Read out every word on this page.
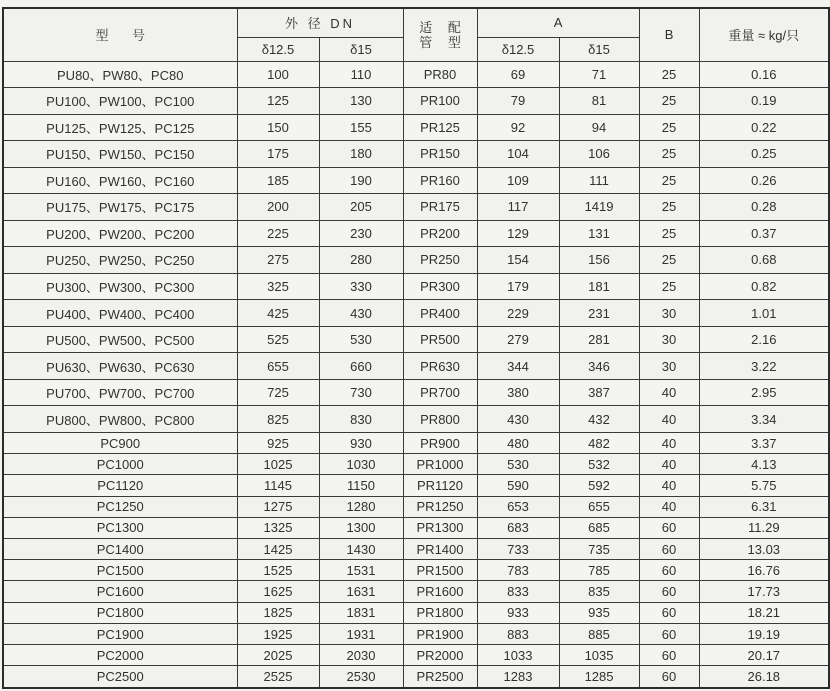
型 号	外 径 DN		适 配
管 型	A		B	重量 ≈ kg/只
	δ12.5	δ15		δ12.5	δ15		
PU80、PW80、PC80	100	110	PR80	69	71	25	0.16
PU100、PW100、PC100	125	130	PR100	79	81	25	0.19
PU125、PW125、PC125	150	155	PR125	92	94	25	0.22
PU150、PW150、PC150	175	180	PR150	104	106	25	0.25
PU160、PW160、PC160	185	190	PR160	109	111	25	0.26
PU175、PW175、PC175	200	205	PR175	117	1419	25	0.28
PU200、PW200、PC200	225	230	PR200	129	131	25	0.37
PU250、PW250、PC250	275	280	PR250	154	156	25	0.68
PU300、PW300、PC300	325	330	PR300	179	181	25	0.82
PU400、PW400、PC400	425	430	PR400	229	231	30	1.01
PU500、PW500、PC500	525	530	PR500	279	281	30	2.16
PU630、PW630、PC630	655	660	PR630	344	346	30	3.22
PU700、PW700、PC700	725	730	PR700	380	387	40	2.95
PU800、PW800、PC800	825	830	PR800	430	432	40	3.34
PC900	925	930	PR900	480	482	40	3.37
PC1000	1025	1030	PR1000	530	532	40	4.13
PC1120	1145	1150	PR1120	590	592	40	5.75
PC1250	1275	1280	PR1250	653	655	40	6.31
PC1300	1325	1300	PR1300	683	685	60	11.29
PC1400	1425	1430	PR1400	733	735	60	13.03
PC1500	1525	1531	PR1500	783	785	60	16.76
PC1600	1625	1631	PR1600	833	835	60	17.73
PC1800	1825	1831	PR1800	933	935	60	18.21
PC1900	1925	1931	PR1900	883	885	60	19.19
PC2000	2025	2030	PR2000	1033	1035	60	20.17
PC2500	2525	2530	PR2500	1283	1285	60	26.18
